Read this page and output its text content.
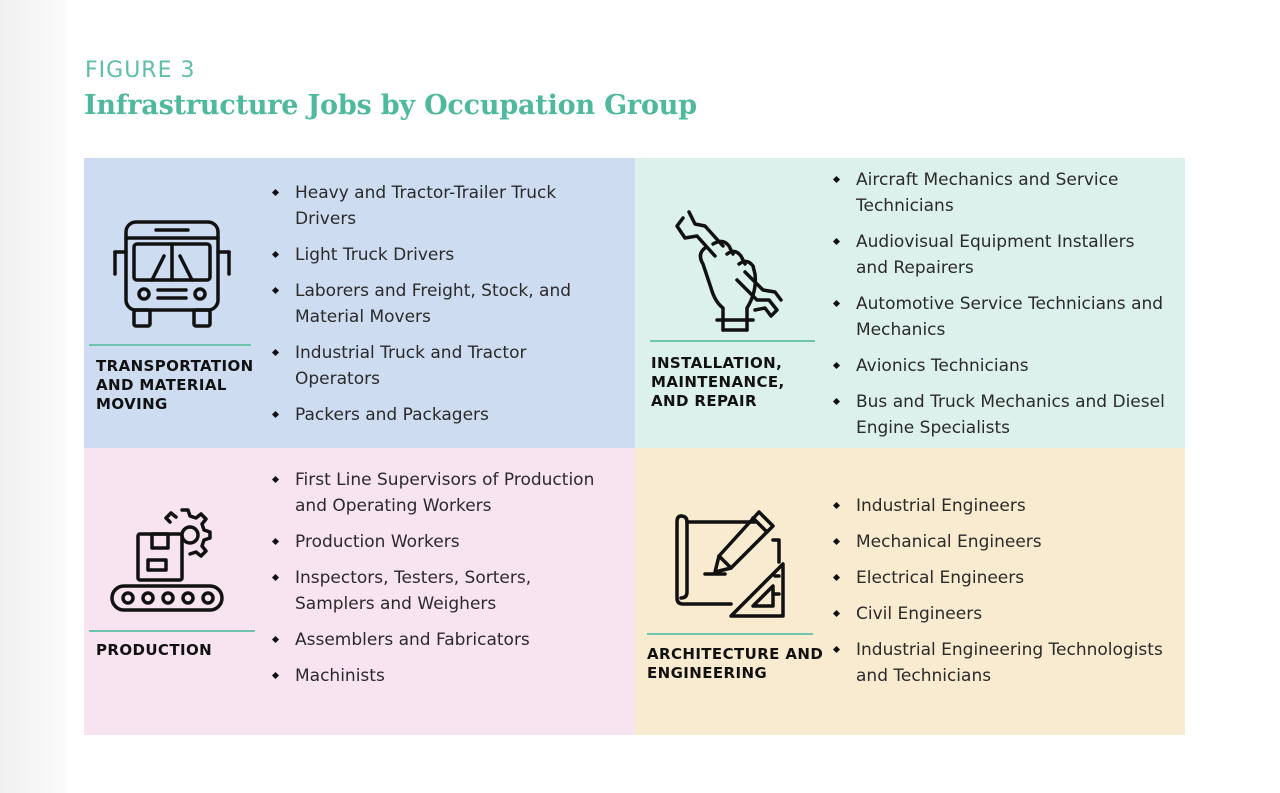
FIGURE 3
Infrastructure Jobs by Occupation Group
TRANSPORTATION AND MATERIAL MOVING
Heavy and Tractor-Trailer Truck Drivers
Light Truck Drivers
Laborers and Freight, Stock, and Material Movers
Industrial Truck and Tractor Operators
Packers and Packagers
INSTALLATION, MAINTENANCE, AND REPAIR
Aircraft Mechanics and Service Technicians
Audiovisual Equipment Installers and Repairers
Automotive Service Technicians and Mechanics
Avionics Technicians
Bus and Truck Mechanics and Diesel Engine Specialists
PRODUCTION
First Line Supervisors of Production and Operating Workers
Production Workers
Inspectors, Testers, Sorters, Samplers and Weighers
Assemblers and Fabricators
Machinists
ARCHITECTURE AND ENGINEERING
Industrial Engineers
Mechanical Engineers
Electrical Engineers
Civil Engineers
Industrial Engineering Technologists and Technicians
